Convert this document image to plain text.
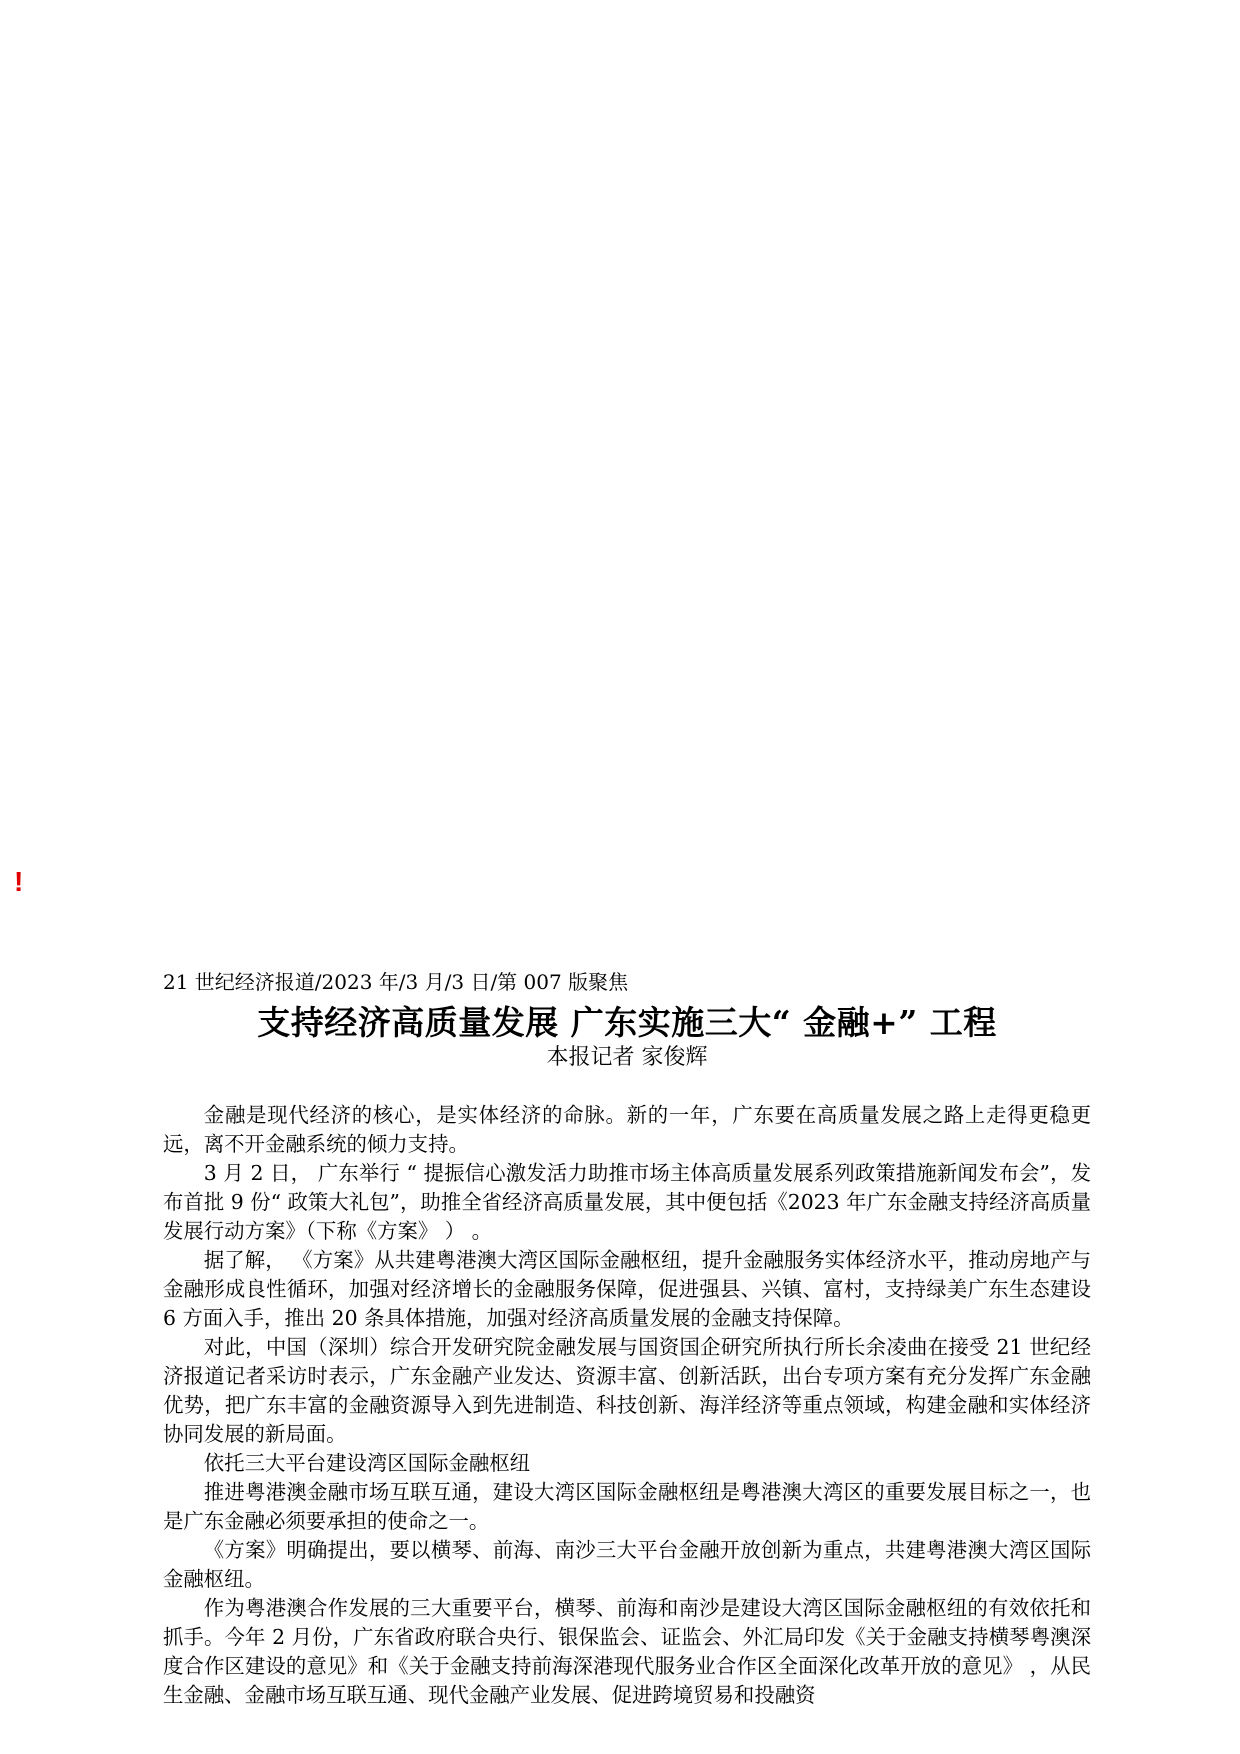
!
21 世纪经济报道/2023 年/3 月/3 日/第 007 版聚焦
支持经济高质量发展 广东实施三大“ 金融+” 工程
本报记者 家俊辉

金融是现代经济的核心，是实体经济的命脉。新的一年，广东要在高质量发展之路上走得更稳更远，离不开金融系统的倾力支持。

3 月 2 日， 广东举行 “ 提振信心激发活力助推市场主体高质量发展系列政策措施新闻发布会”，发布首批 9 份“ 政策大礼包”，助推全省经济高质量发展，其中便包括《2023 年广东金融支持经济高质量发展行动方案》（下称《方案》 ） 。

据了解， 《方案》从共建粤港澳大湾区国际金融枢纽，提升金融服务实体经济水平，推动房地产与金融形成良性循环，加强对经济增长的金融服务保障，促进强县、兴镇、富村，支持绿美广东生态建设 6 方面入手，推出 20 条具体措施，加强对经济高质量发展的金融支持保障。

对此，中国（深圳）综合开发研究院金融发展与国资国企研究所执行所长余凌曲在接受 21 世纪经济报道记者采访时表示，广东金融产业发达、资源丰富、创新活跃，出台专项方案有充分发挥广东金融优势，把广东丰富的金融资源导入到先进制造、科技创新、海洋经济等重点领域，构建金融和实体经济协同发展的新局面。

依托三大平台建设湾区国际金融枢纽

推进粤港澳金融市场互联互通，建设大湾区国际金融枢纽是粤港澳大湾区的重要发展目标之一，也是广东金融必须要承担的使命之一。

《方案》明确提出，要以横琴、前海、南沙三大平台金融开放创新为重点，共建粤港澳大湾区国际金融枢纽。

作为粤港澳合作发展的三大重要平台，横琴、前海和南沙是建设大湾区国际金融枢纽的有效依托和抓手。今年 2 月份，广东省政府联合央行、银保监会、证监会、外汇局印发《关于金融支持横琴粤澳深度合作区建设的意见》和《关于金融支持前海深港现代服务业合作区全面深化改革开放的意见》 ，从民生金融、金融市场互联互通、现代金融产业发展、促进跨境贸易和投融资
